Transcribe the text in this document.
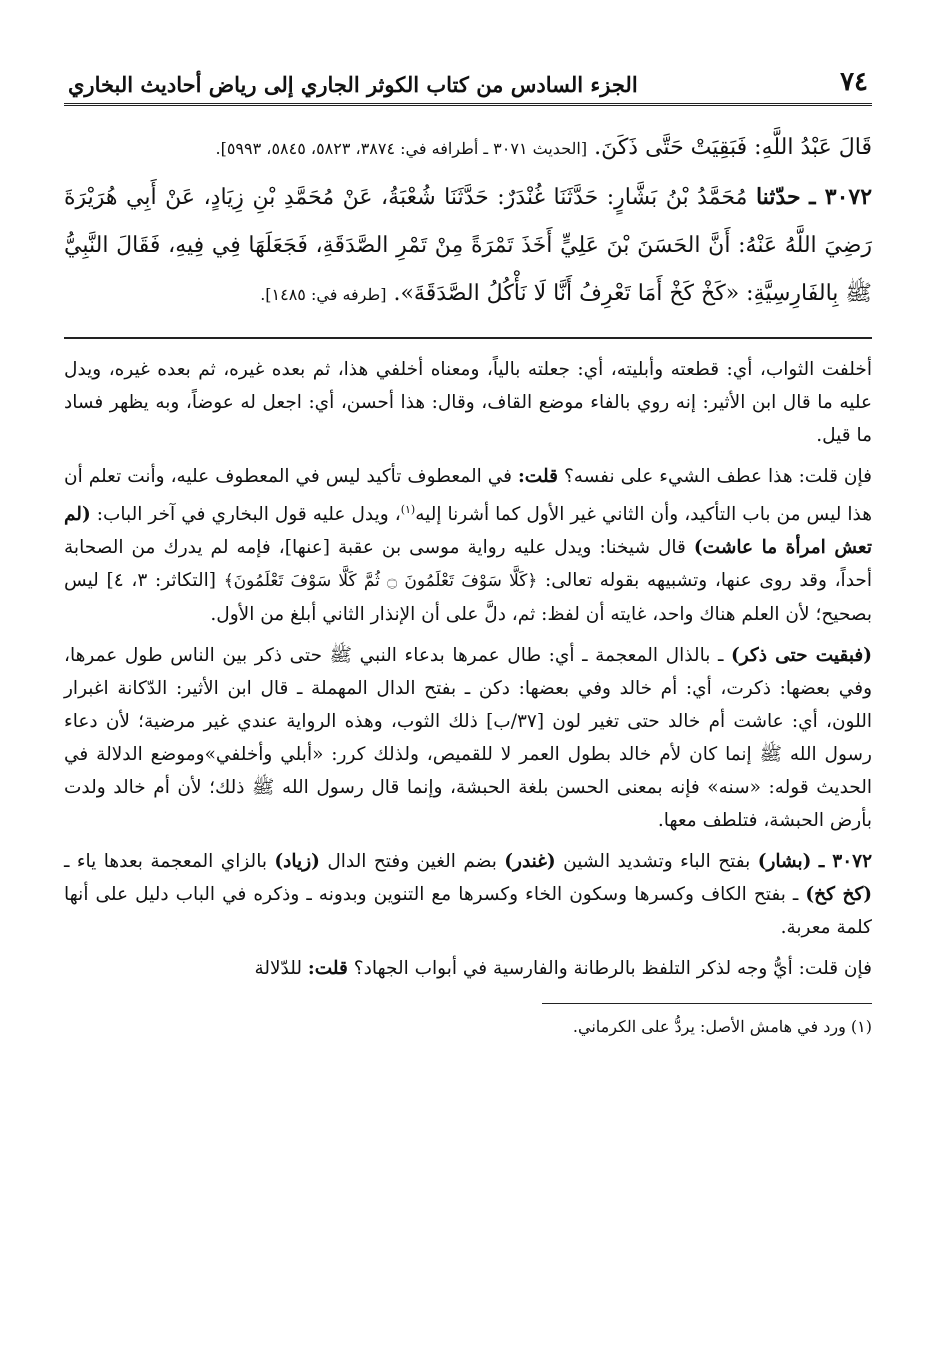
٧٤
الجزء السادس من كتاب الكوثر الجاري إلى رياض أحاديث البخاري

قَالَ عَبْدُ اللَّهِ: فَبَقِيَتْ حَتَّى ذَكَنَ. [الحديث ٣٠٧١ ـ أطرافه في: ٣٨٧٤، ٥٨٢٣، ٥٨٤٥، ٥٩٩٣].

٣٠٧٢ ـ حدّثنا مُحَمَّدُ بْنُ بَشَّارٍ: حَدَّثَنَا غُنْدَرٌ: حَدَّثَنَا شُعْبَةُ، عَنْ مُحَمَّدِ بْنِ زِيَادٍ، عَنْ أَبِي هُرَيْرَةَ رَضِيَ اللَّهُ عَنْهُ: أَنَّ الحَسَنَ بْنَ عَلِيٍّ أَخَذَ تَمْرَةً مِنْ تَمْرِ الصَّدَقَةِ، فَجَعَلَهَا فِي فِيهِ، فَقَالَ النَّبِيُّ ﷺ بِالفَارِسِيَّةِ: «كَخْ كَخْ أَمَا تَعْرِفُ أَنَّا لَا نَأْكُلُ الصَّدَقَةَ». [طرفه في: ١٤٨٥].

أخلفت الثواب، أي: قطعته وأبليته، أي: جعلته بالياً، ومعناه أخلفي هذا، ثم بعده غيره، ثم بعده غيره، ويدل عليه ما قال ابن الأثير: إنه روي بالفاء موضع القاف، وقال: هذا أحسن، أي: اجعل له عوضاً، وبه يظهر فساد ما قيل.

فإن قلت: هذا عطف الشيء على نفسه؟ قلت: في المعطوف تأكيد ليس في المعطوف عليه، وأنت تعلم أن هذا ليس من باب التأكيد، وأن الثاني غير الأول كما أشرنا إليه$^{(١)}$، ويدل عليه قول البخاري في آخر الباب: (لم تعش امرأة ما عاشت) قال شيخنا: ويدل عليه رواية موسى بن عقبة [عنها]، فإمه لم يدرك من الصحابة أحداً، وقد روى عنها، وتشبيهه بقوله تعالى: ﴿كَلَّا سَوْفَ تَعْلَمُونَ ۝ ثُمَّ كَلَّا سَوْفَ تَعْلَمُونَ﴾ [التكاثر: ٣، ٤] ليس بصحيح؛ لأن العلم هناك واحد، غايته أن لفظ: ثم، دلَّ على أن الإنذار الثاني أبلغ من الأول.

(فبقيت حتى ذكر) ـ بالذال المعجمة ـ أي: طال عمرها بدعاء النبي ﷺ حتى ذكر بين الناس طول عمرها، وفي بعضها: ذكرت، أي: أم خالد وفي بعضها: دكن ـ بفتح الدال المهملة ـ قال ابن الأثير: الدّكانة اغبرار اللون، أي: عاشت أم خالد حتى تغير لون [٣٧/ب] ذلك الثوب، وهذه الرواية عندي غير مرضية؛ لأن دعاء رسول الله ﷺ إنما كان لأم خالد بطول العمر لا للقميص، ولذلك كرر: «أبلي وأخلفي»وموضع الدلالة في الحديث قوله: «سنه» فإنه بمعنى الحسن بلغة الحبشة، وإنما قال رسول الله ﷺ ذلك؛ لأن أم خالد ولدت بأرض الحبشة، فتلطف معها.

٣٠٧٢ ـ (بشار) بفتح الباء وتشديد الشين (غندر) بضم الغين وفتح الدال (زياد) بالزاي المعجمة بعدها ياء ـ (كخ كخ) ـ بفتح الكاف وكسرها وسكون الخاء وكسرها مع التنوين وبدونه ـ وذكره في الباب دليل على أنها كلمة معربة.

فإن قلت: أيُّ وجه لذكر التلفظ بالرطانة والفارسية في أبواب الجهاد؟ قلت: للدّلالة

(١) ورد في هامش الأصل: يردُّ على الكرماني.
